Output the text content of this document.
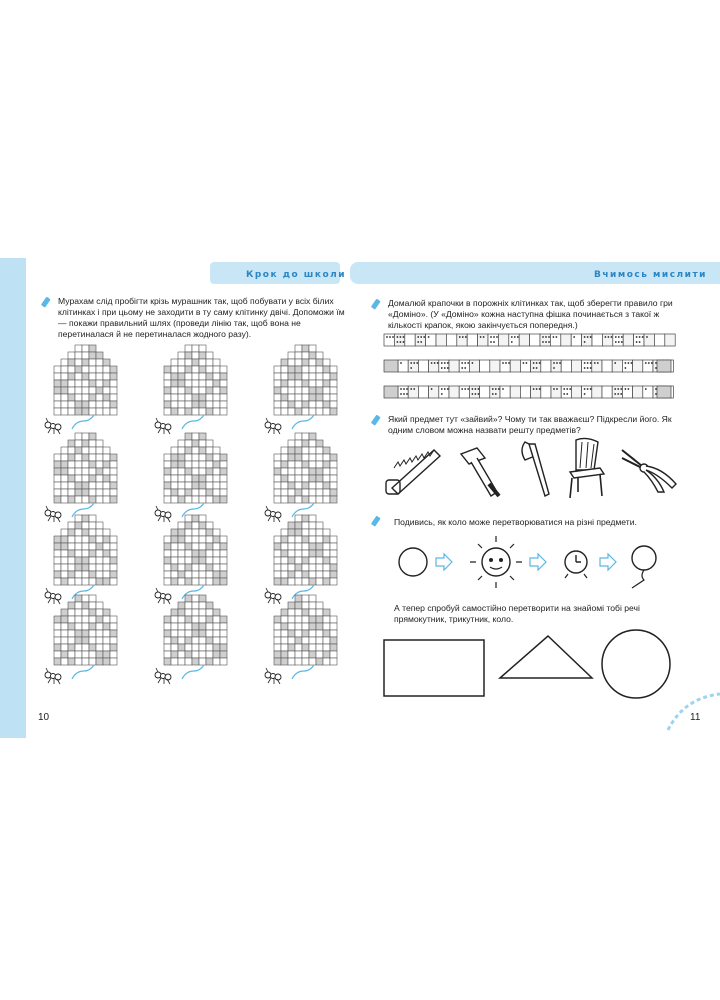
Крок до школи	Вчимось мислити
Мурахам слід пробігти крізь мурашник так, щоб побувати у всіх білих клітинках і при цьому не заходити в ту саму клітинку двічі. Допоможи їм — покажи правильний шлях (проведи лінію так, щоб вона не перетиналася й не перетиналася жодного разу).
10
Домалюй крапочки в порожніх клітинках так, щоб зберегти правило гри «Доміно». (У «Доміно» кожна наступна фішка починається з такої ж кількості крапок, якою закінчується попередня.)
Який предмет тут «зайвий»? Чому ти так вважаєш? Підкресли його. Як одним словом можна назвати решту предметів?
Подивись, як коло може перетворюватися на різні предмети.
А тепер спробуй самостійно перетворити на знайомі тобі речі прямокутник, трикутник, коло.
11
